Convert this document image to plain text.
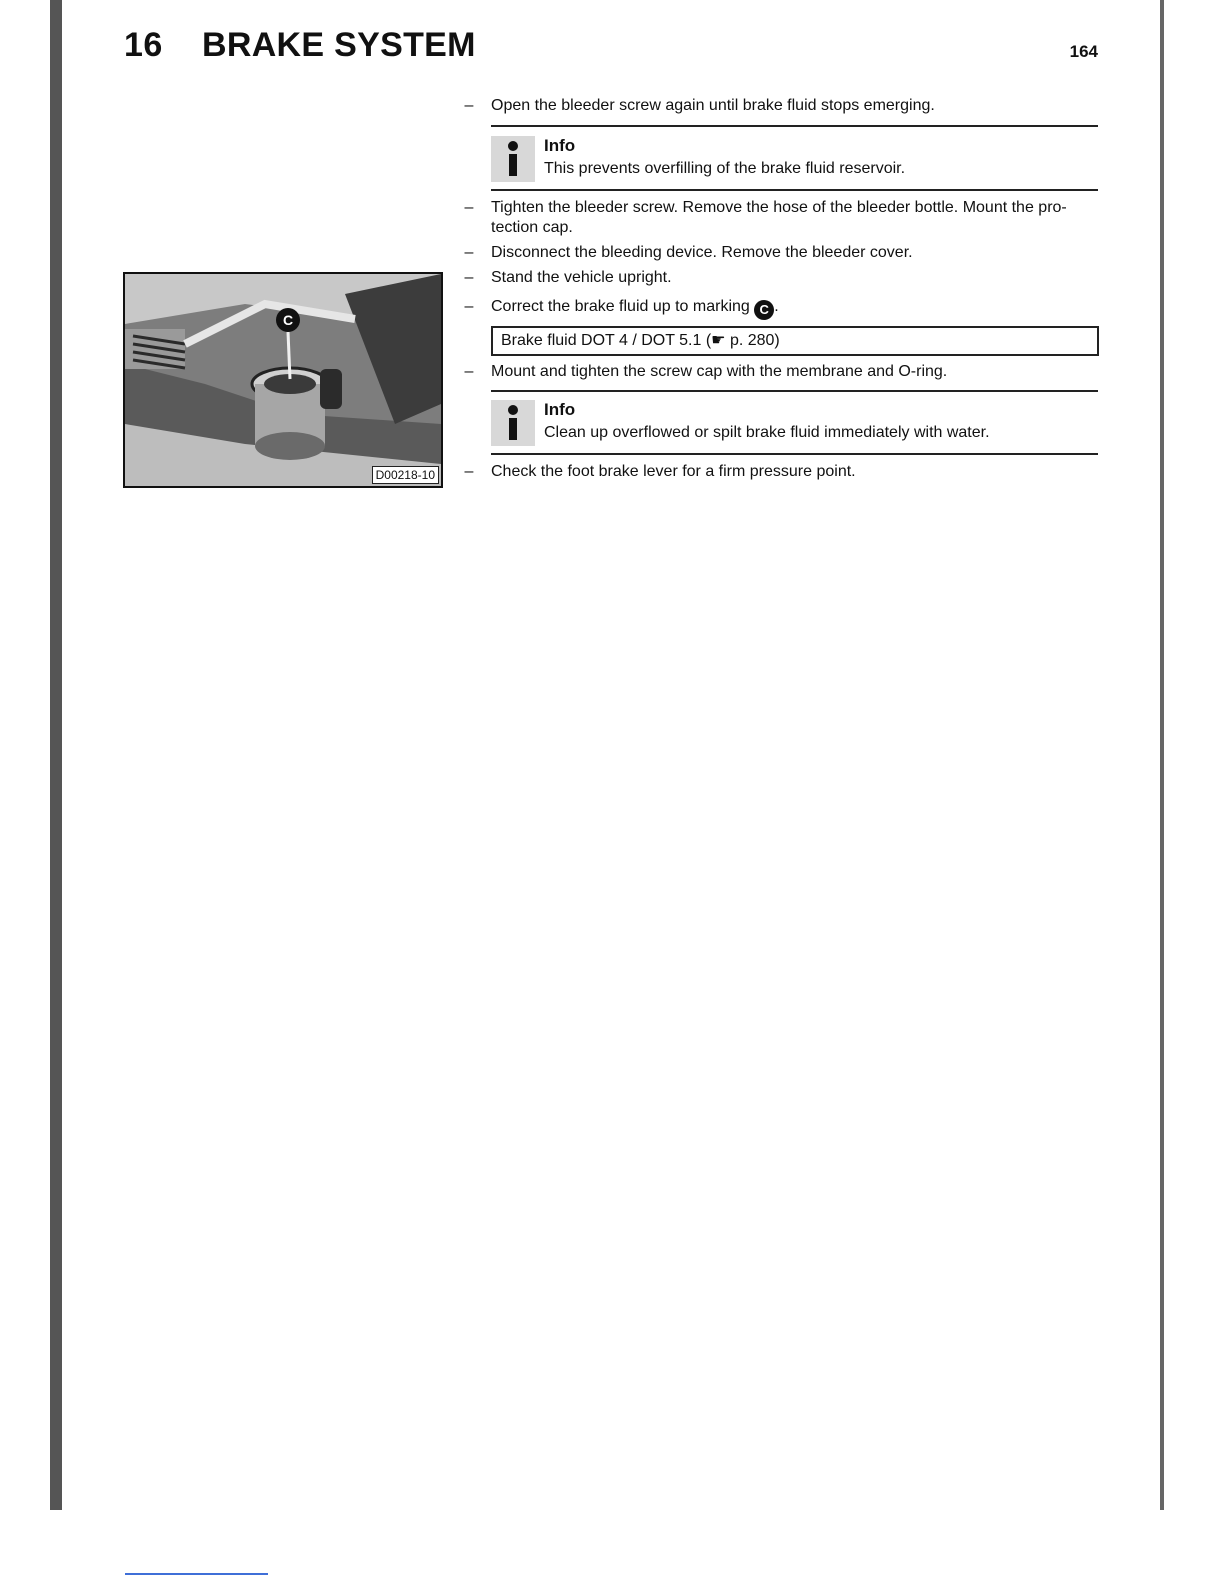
16 BRAKE SYSTEM	164
– Open the bleeder screw again until brake fluid stops emerging.
Info
This prevents overfilling of the brake fluid reservoir.
– Tighten the bleeder screw. Remove the hose of the bleeder bottle. Mount the pro-
tection cap.
– Disconnect the bleeding device. Remove the bleeder cover.
– Stand the vehicle upright.
– Correct the brake fluid up to marking C .
Brake fluid DOT 4 / DOT 5.1 (☛ p. 280)
– Mount and tighten the screw cap with the membrane and O-ring.
Info
Clean up overflowed or spilt brake fluid immediately with water.
– Check the foot brake lever for a firm pressure point.
C
D00218-10
